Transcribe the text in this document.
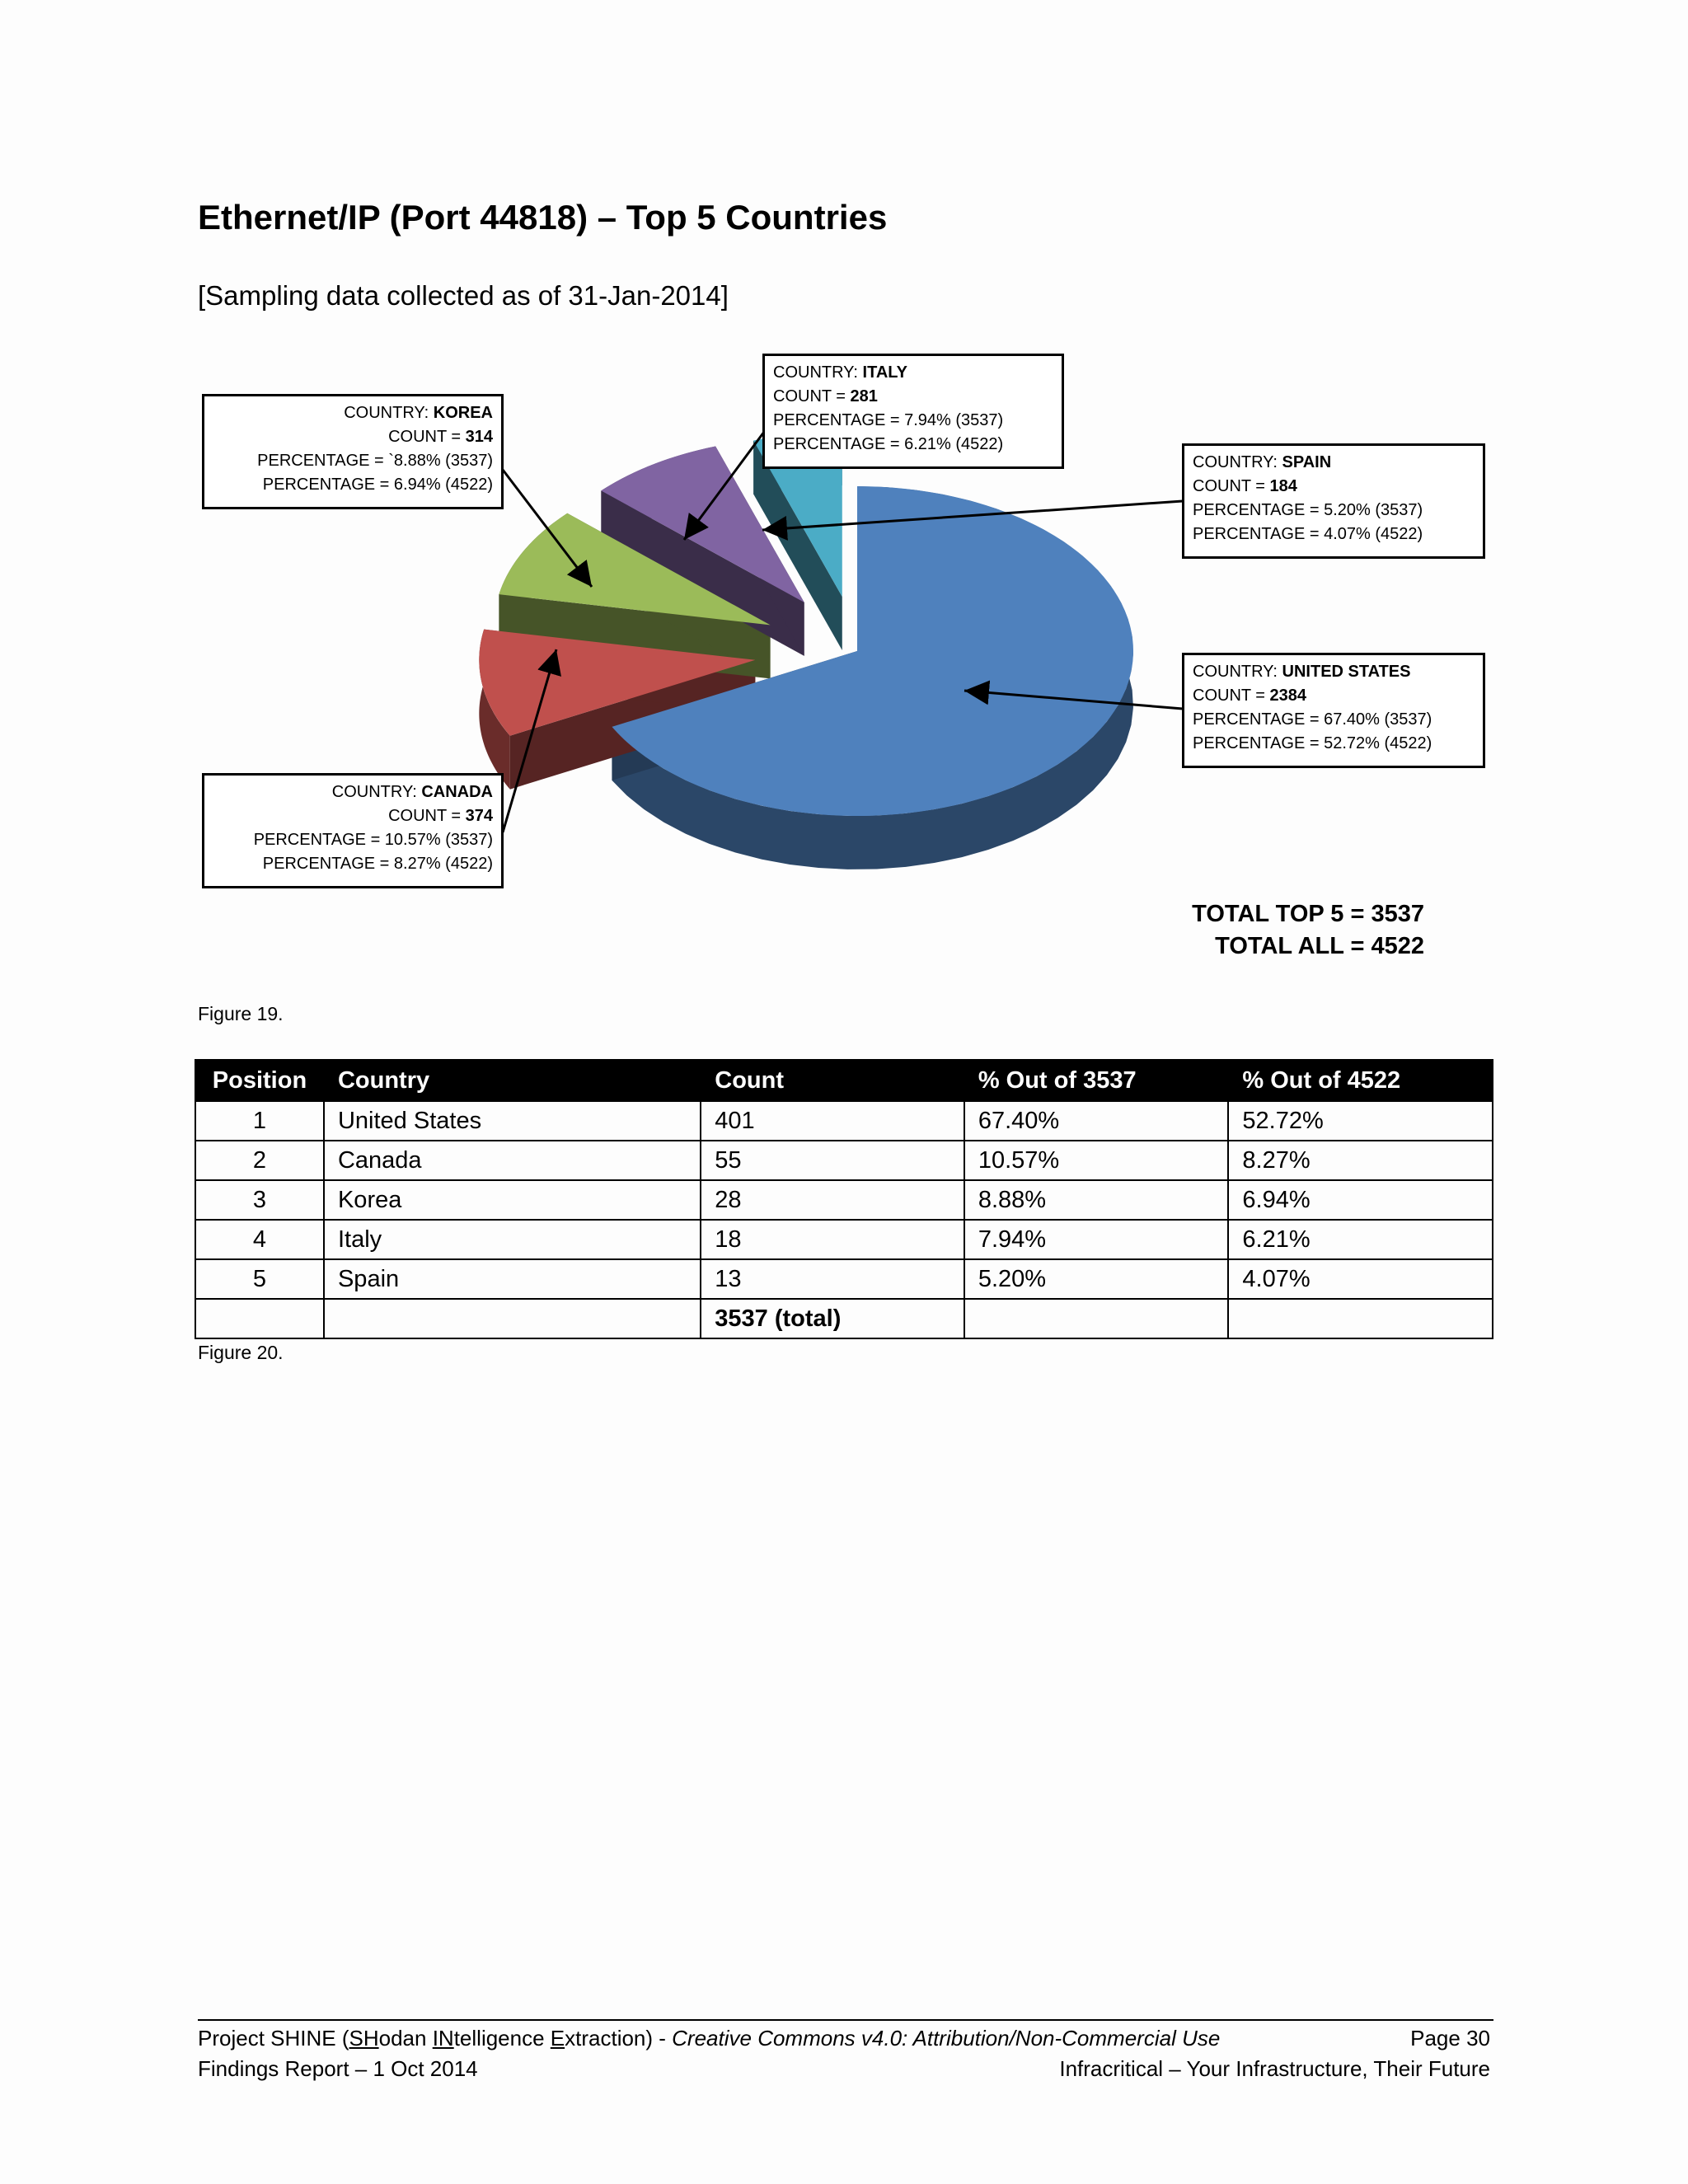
Ethernet/IP (Port 44818) – Top 5 Countries
[Sampling data collected as of 31-Jan-2014]
COUNTRY: KOREA
COUNT = 314
PERCENTAGE = `8.88% (3537)
PERCENTAGE = 6.94% (4522)
COUNTRY: ITALY
COUNT = 281
PERCENTAGE = 7.94% (3537)
PERCENTAGE = 6.21% (4522)
COUNTRY: SPAIN
COUNT = 184
PERCENTAGE = 5.20% (3537)
PERCENTAGE = 4.07% (4522)
COUNTRY: UNITED STATES
COUNT = 2384
PERCENTAGE = 67.40% (3537)
PERCENTAGE = 52.72% (4522)
COUNTRY: CANADA
COUNT = 374
PERCENTAGE = 10.57% (3537)
PERCENTAGE = 8.27% (4522)
TOTAL TOP 5 = 3537
TOTAL ALL = 4522
Figure 19.
Position	Country	Count	% Out of 3537	% Out of 4522
1	United States	401	67.40%	52.72%
2	Canada	55	10.57%	8.27%
3	Korea	28	8.88%	6.94%
4	Italy	18	7.94%	6.21%
5	Spain	13	5.20%	4.07%
		3537 (total)		
Figure 20.
Project SHINE (SHodan INtelligence Extraction) - Creative Commons v4.0: Attribution/Non-Commercial Use	Page 30
Findings Report – 1 Oct 2014	Infracritical – Your Infrastructure, Their Future
